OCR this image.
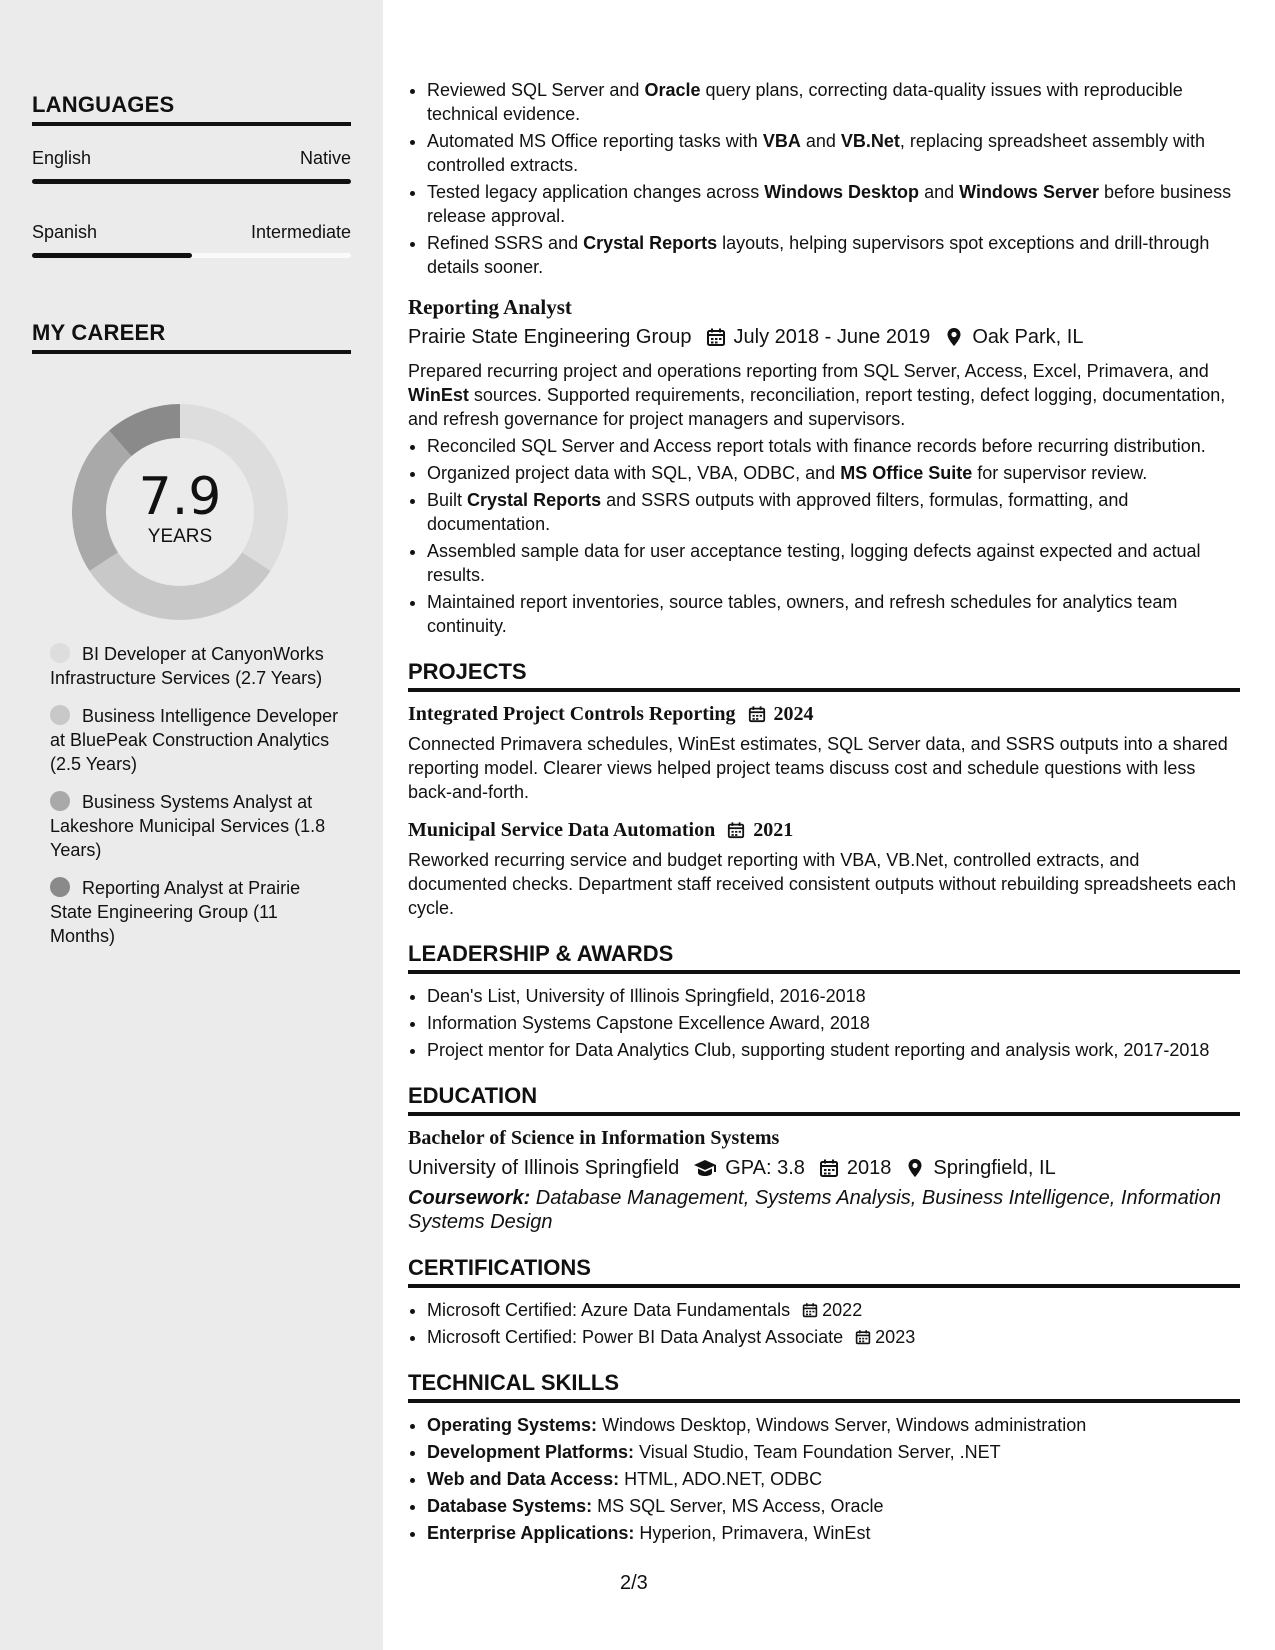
LANGUAGES
English	Native
Spanish	Intermediate
MY CAREER
7.9
YEARS
BI Developer at CanyonWorks Infrastructure Services (2.7 Years)
Business Intelligence Developer at BluePeak Construction Analytics (2.5 Years)
Business Systems Analyst at Lakeshore Municipal Services (1.8 Years)
Reporting Analyst at Prairie State Engineering Group (11 Months)
• Reviewed SQL Server and Oracle query plans, correcting data-quality issues with reproducible technical evidence.
• Automated MS Office reporting tasks with VBA and VB.Net, replacing spreadsheet assembly with controlled extracts.
• Tested legacy application changes across Windows Desktop and Windows Server before business release approval.
• Refined SSRS and Crystal Reports layouts, helping supervisors spot exceptions and drill-through details sooner.
Reporting Analyst
Prairie State Engineering Group July 2018 - June 2019 Oak Park, IL
Prepared recurring project and operations reporting from SQL Server, Access, Excel, Primavera, and WinEst sources. Supported requirements, reconciliation, report testing, defect logging, documentation, and refresh governance for project managers and supervisors.
• Reconciled SQL Server and Access report totals with finance records before recurring distribution.
• Organized project data with SQL, VBA, ODBC, and MS Office Suite for supervisor review.
• Built Crystal Reports and SSRS outputs with approved filters, formulas, formatting, and documentation.
• Assembled sample data for user acceptance testing, logging defects against expected and actual results.
• Maintained report inventories, source tables, owners, and refresh schedules for analytics team continuity.
PROJECTS
Integrated Project Controls Reporting 2024
Connected Primavera schedules, WinEst estimates, SQL Server data, and SSRS outputs into a shared reporting model. Clearer views helped project teams discuss cost and schedule questions with less back-and-forth.
Municipal Service Data Automation 2021
Reworked recurring service and budget reporting with VBA, VB.Net, controlled extracts, and documented checks. Department staff received consistent outputs without rebuilding spreadsheets each cycle.
LEADERSHIP & AWARDS
• Dean's List, University of Illinois Springfield, 2016-2018
• Information Systems Capstone Excellence Award, 2018
• Project mentor for Data Analytics Club, supporting student reporting and analysis work, 2017-2018
EDUCATION
Bachelor of Science in Information Systems
University of Illinois Springfield GPA: 3.8 2018 Springfield, IL
Coursework: Database Management, Systems Analysis, Business Intelligence, Information Systems Design
CERTIFICATIONS
• Microsoft Certified: Azure Data Fundamentals 2022
• Microsoft Certified: Power BI Data Analyst Associate 2023
TECHNICAL SKILLS
• Operating Systems: Windows Desktop, Windows Server, Windows administration
• Development Platforms: Visual Studio, Team Foundation Server, .NET
• Web and Data Access: HTML, ADO.NET, ODBC
• Database Systems: MS SQL Server, MS Access, Oracle
• Enterprise Applications: Hyperion, Primavera, WinEst
2/3
